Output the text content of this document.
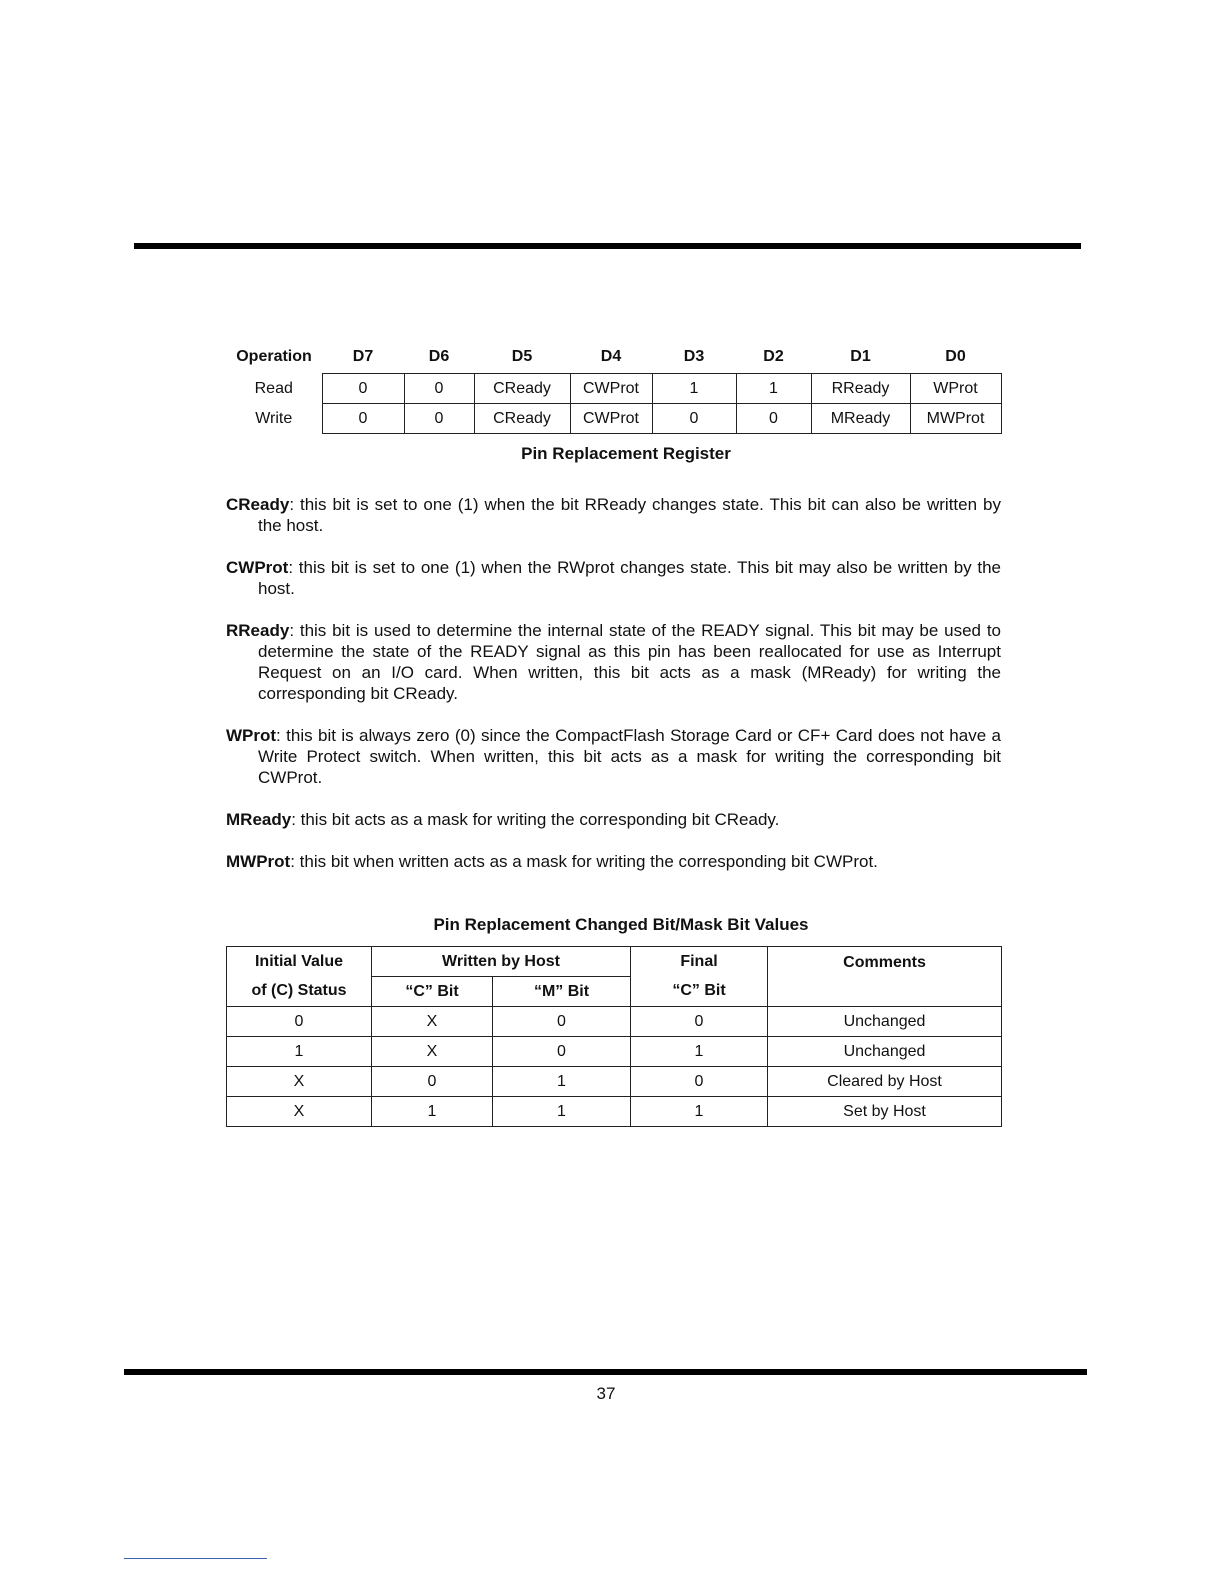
Operation	D7	D6	D5	D4	D3	D2	D1	D0
Read	0	0	CReady	CWProt	1	1	RReady	WProt
Write	0	0	CReady	CWProt	0	0	MReady	MWProt
Pin Replacement Register

CReady: this bit is set to one (1) when the bit RReady changes state. This bit can also be written by the host.

CWProt: this bit is set to one (1) when the RWprot changes state. This bit may also be written by the host.

RReady: this bit is used to determine the internal state of the READY signal. This bit may be used to determine the state of the READY signal as this pin has been reallocated for use as Interrupt Request on an I/O card. When written, this bit acts as a mask (MReady) for writing the corresponding bit CReady.

WProt: this bit is always zero (0) since the CompactFlash Storage Card or CF+ Card does not have a Write Protect switch. When written, this bit acts as a mask for writing the corresponding bit CWProt.

MReady: this bit acts as a mask for writing the corresponding bit CReady.

MWProt: this bit when written acts as a mask for writing the corresponding bit CWProt.

Pin Replacement Changed Bit/Mask Bit Values
Initial Value	Written by Host		Final	Comments
of (C) Status	“C” Bit	“M” Bit	“C” Bit	
0	X	0	0	Unchanged
1	X	0	1	Unchanged
X	0	1	0	Cleared by Host
X	1	1	1	Set by Host
37
